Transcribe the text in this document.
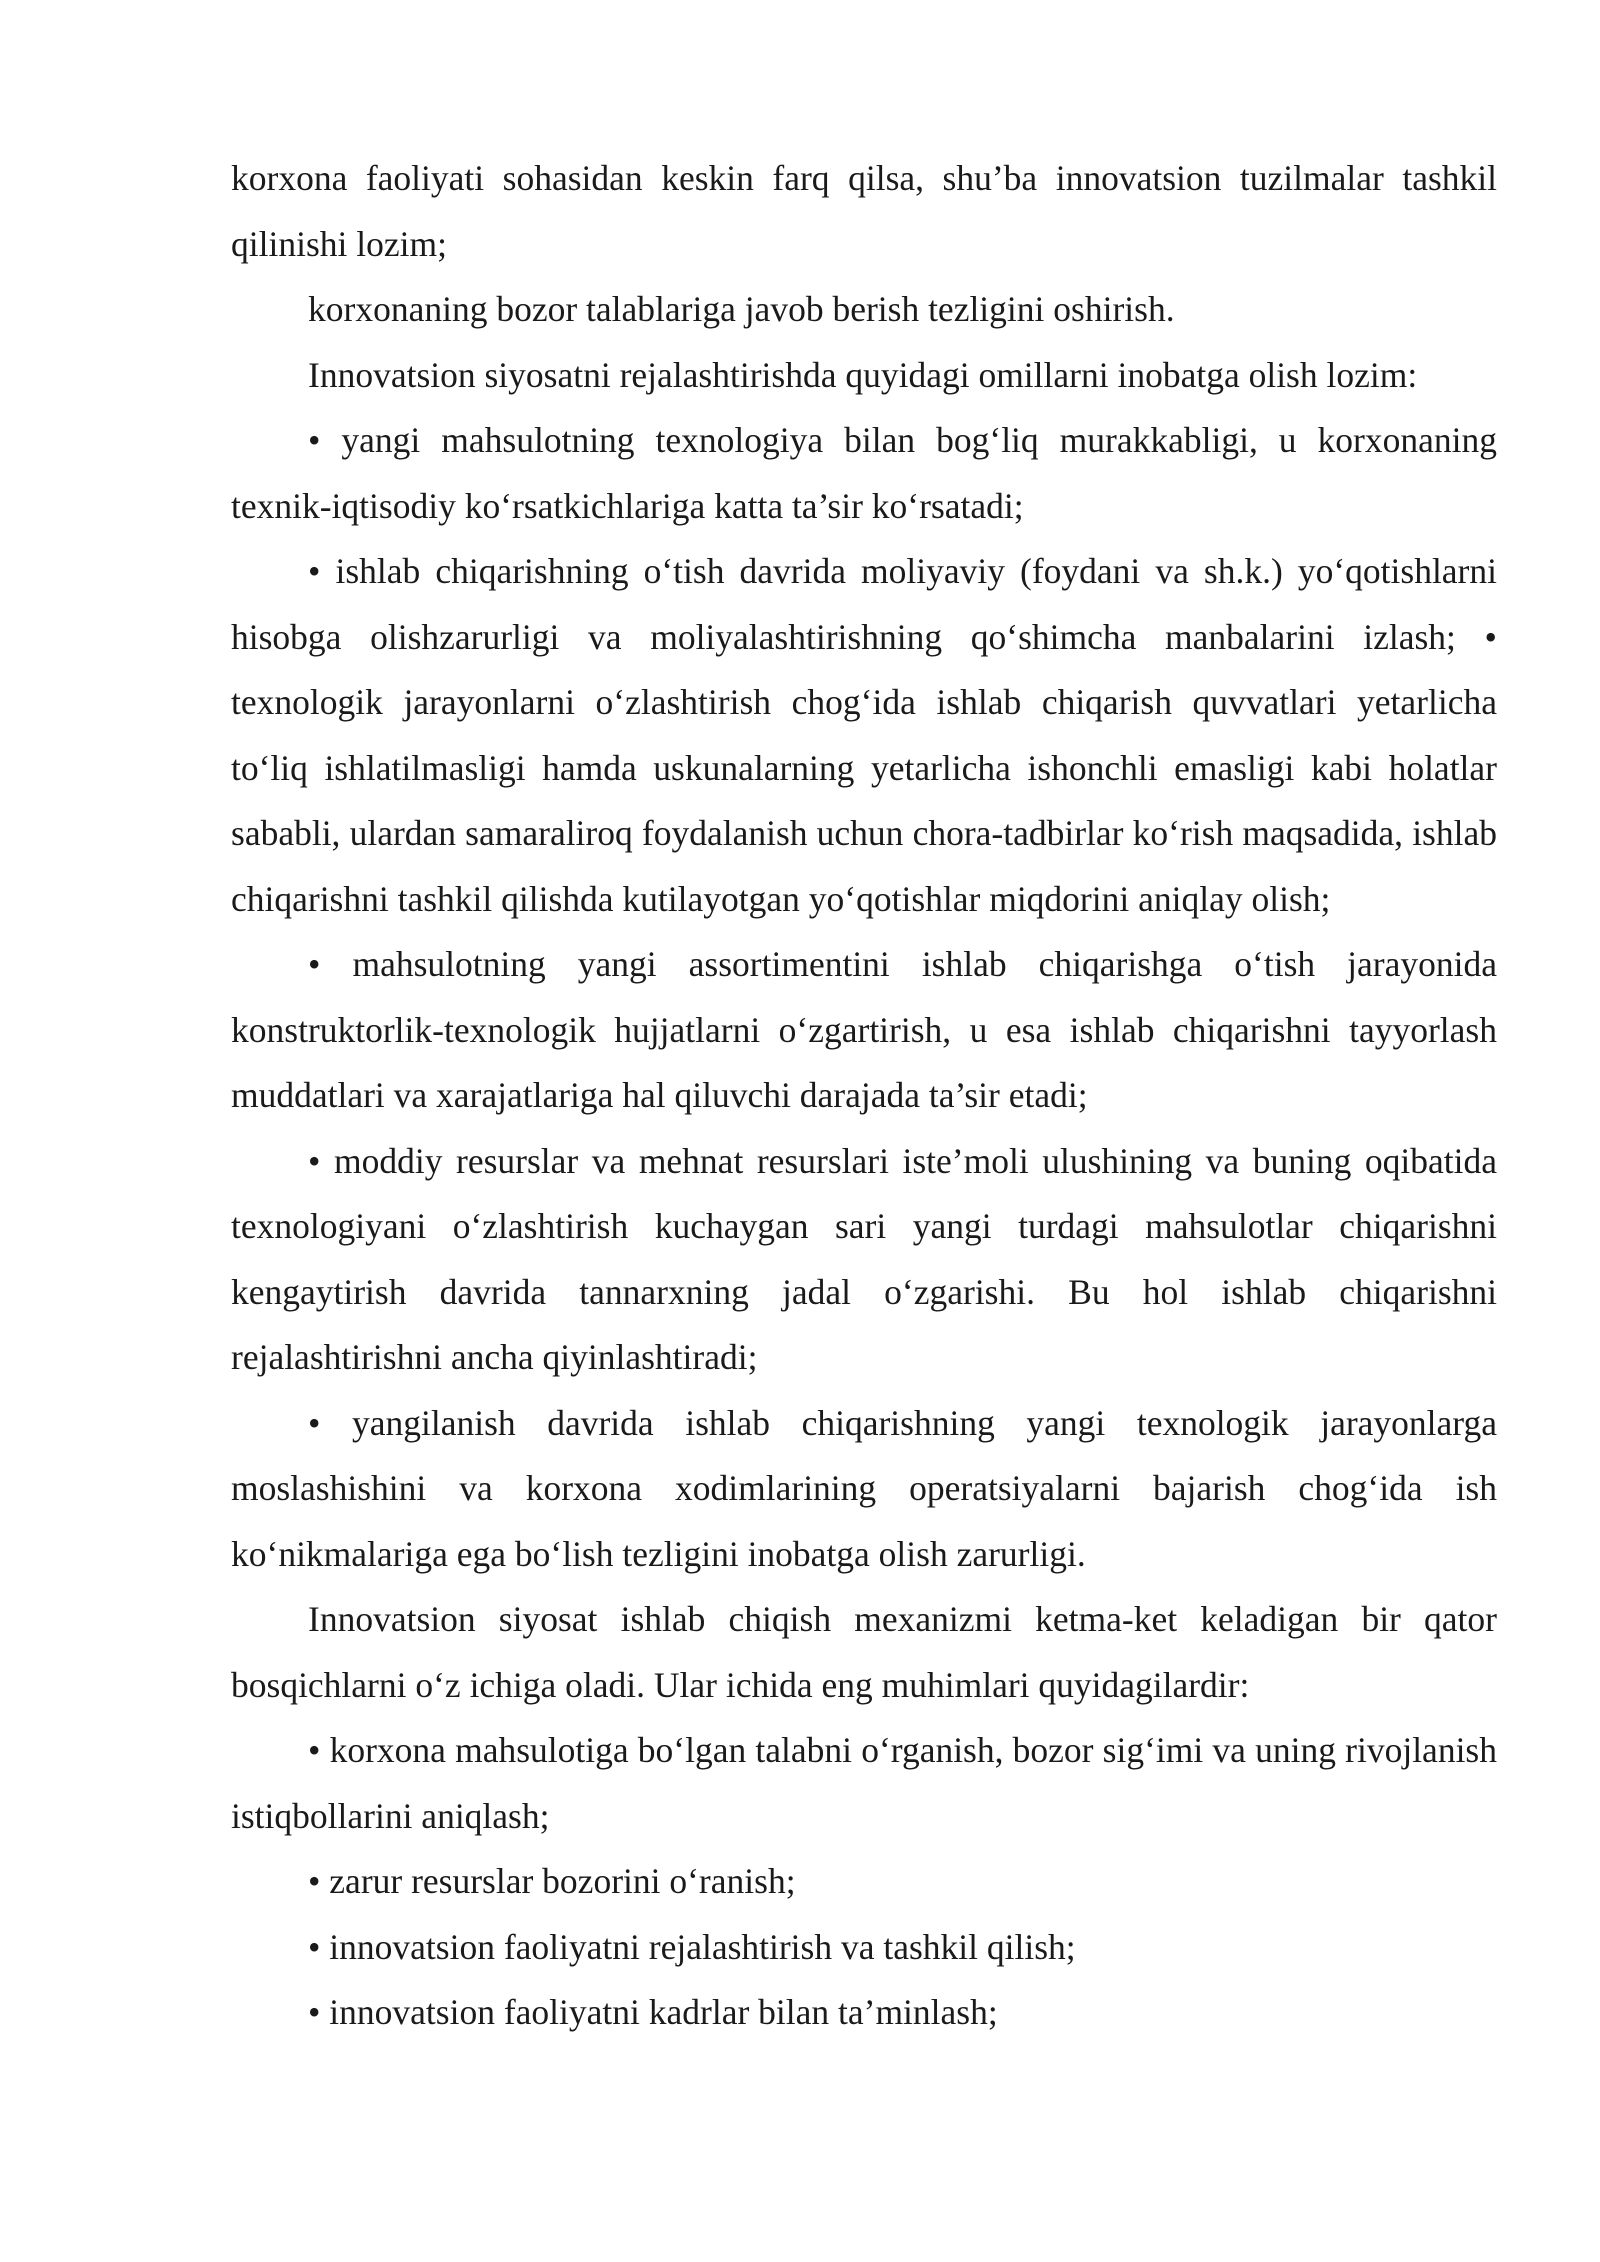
korxona faoliyati sohasidan keskin farq qilsa, shu’ba innovatsion tuzilmalar tashkil qilinishi lozim;

korxonaning bozor talablariga javob berish tezligini oshirish.

Innovatsion siyosatni rejalashtirishda quyidagi omillarni inobatga olish lozim:

• yangi mahsulotning texnologiya bilan bog‘liq murakkabligi, u korxonaning texnik-iqtisodiy ko‘rsatkichlariga katta ta’sir ko‘rsatadi;

• ishlab chiqarishning o‘tish davrida moliyaviy (foydani va sh.k.) yo‘qotishlarni hisobga olishzarurligi va moliyalashtirishning qo‘shimcha manbalarini izlash; • texnologik jarayonlarni o‘zlashtirish chog‘ida ishlab chiqarish quvvatlari yetarlicha to‘liq ishlatilmasligi hamda uskunalarning yetarlicha ishonchli emasligi kabi holatlar sababli, ulardan samaraliroq foydalanish uchun chora-tadbirlar ko‘rish maqsadida, ishlab chiqarishni tashkil qilishda kutilayotgan yo‘qotishlar miqdorini aniqlay olish;

• mahsulotning yangi assortimentini ishlab chiqarishga o‘tish jarayonida konstruktorlik-texnologik hujjatlarni o‘zgartirish, u esa ishlab chiqarishni tayyorlash muddatlari va xarajatlariga hal qiluvchi darajada ta’sir etadi;

• moddiy resurslar va mehnat resurslari iste’moli ulushining va buning oqibatida texnologiyani o‘zlashtirish kuchaygan sari yangi turdagi mahsulotlar chiqarishni kengaytirish davrida tannarxning jadal o‘zgarishi. Bu hol ishlab chiqarishni rejalashtirishni ancha qiyinlashtiradi;

• yangilanish davrida ishlab chiqarishning yangi texnologik jarayonlarga moslashishini va korxona xodimlarining operatsiyalarni bajarish chog‘ida ish ko‘nikmalariga ega bo‘lish tezligini inobatga olish zarurligi.

Innovatsion siyosat ishlab chiqish mexanizmi ketma-ket keladigan bir qator bosqichlarni o‘z ichiga oladi. Ular ichida eng muhimlari quyidagilardir:

• korxona mahsulotiga bo‘lgan talabni o‘rganish, bozor sig‘imi va uning rivojlanish istiqbollarini aniqlash;

• zarur resurslar bozorini o‘ranish;

• innovatsion faoliyatni rejalashtirish va tashkil qilish;

• innovatsion faoliyatni kadrlar bilan ta’minlash;
